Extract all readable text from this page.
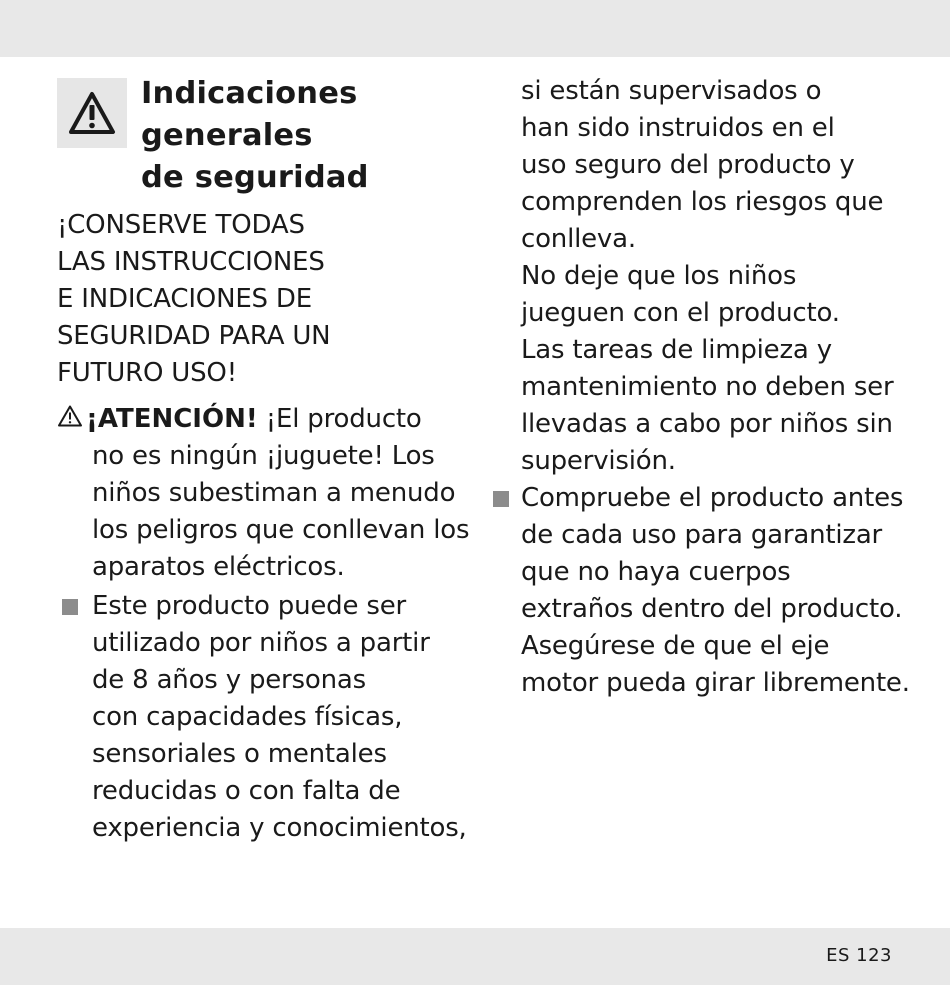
Indicaciones
generales
de seguridad
¡CONSERVE TODAS
LAS INSTRUCCIONES
E INDICACIONES DE
SEGURIDAD PARA UN
FUTURO USO!
¡ATENCIÓN! ¡El producto
no es ningún ¡juguete! Los
niños subestiman a menudo
los peligros que conllevan los
aparatos eléctricos.
Este producto puede ser
utilizado por niños a partir
de 8 años y personas
con capacidades físicas,
sensoriales o mentales
reducidas o con falta de
experiencia y conocimientos,
si están supervisados o
han sido instruidos en el
uso seguro del producto y
comprenden los riesgos que
conlleva.
No deje que los niños
jueguen con el producto.
Las tareas de limpieza y
mantenimiento no deben ser
llevadas a cabo por niños sin
supervisión.
Compruebe el producto antes
de cada uso para garantizar
que no haya cuerpos
extraños dentro del producto.
Asegúrese de que el eje
motor pueda girar libremente.
ES 123
